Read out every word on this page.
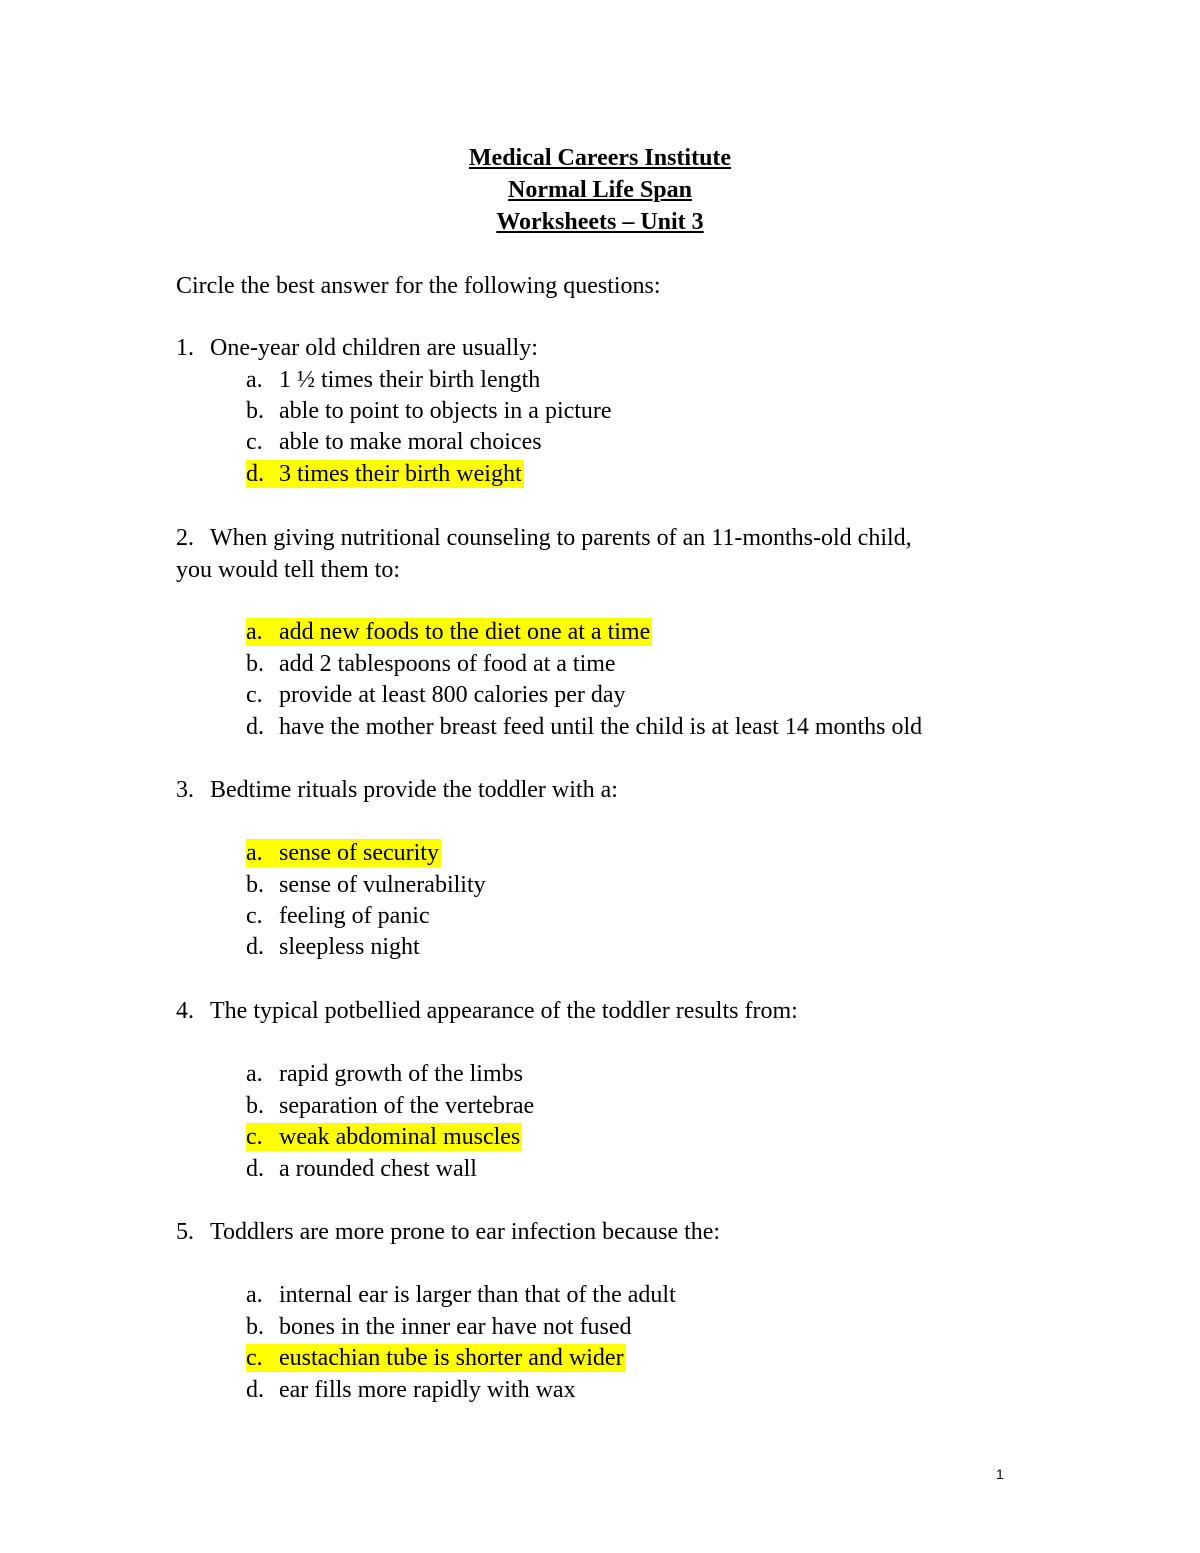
Medical Careers Institute
Normal Life Span
Worksheets – Unit 3
Circle the best answer for the following questions:
1. One-year old children are usually:
a. 1 ½ times their birth length
b. able to point to objects in a picture
c. able to make moral choices
d. 3 times their birth weight
2. When giving nutritional counseling to parents of an 11-months-old child,
you would tell them to:
a. add new foods to the diet one at a time
b. add 2 tablespoons of food at a time
c. provide at least 800 calories per day
d. have the mother breast feed until the child is at least 14 months old
3. Bedtime rituals provide the toddler with a:
a. sense of security
b. sense of vulnerability
c. feeling of panic
d. sleepless night
4. The typical potbellied appearance of the toddler results from:
a. rapid growth of the limbs
b. separation of the vertebrae
c. weak abdominal muscles
d. a rounded chest wall
5. Toddlers are more prone to ear infection because the:
a. internal ear is larger than that of the adult
b. bones in the inner ear have not fused
c. eustachian tube is shorter and wider
d. ear fills more rapidly with wax
1
